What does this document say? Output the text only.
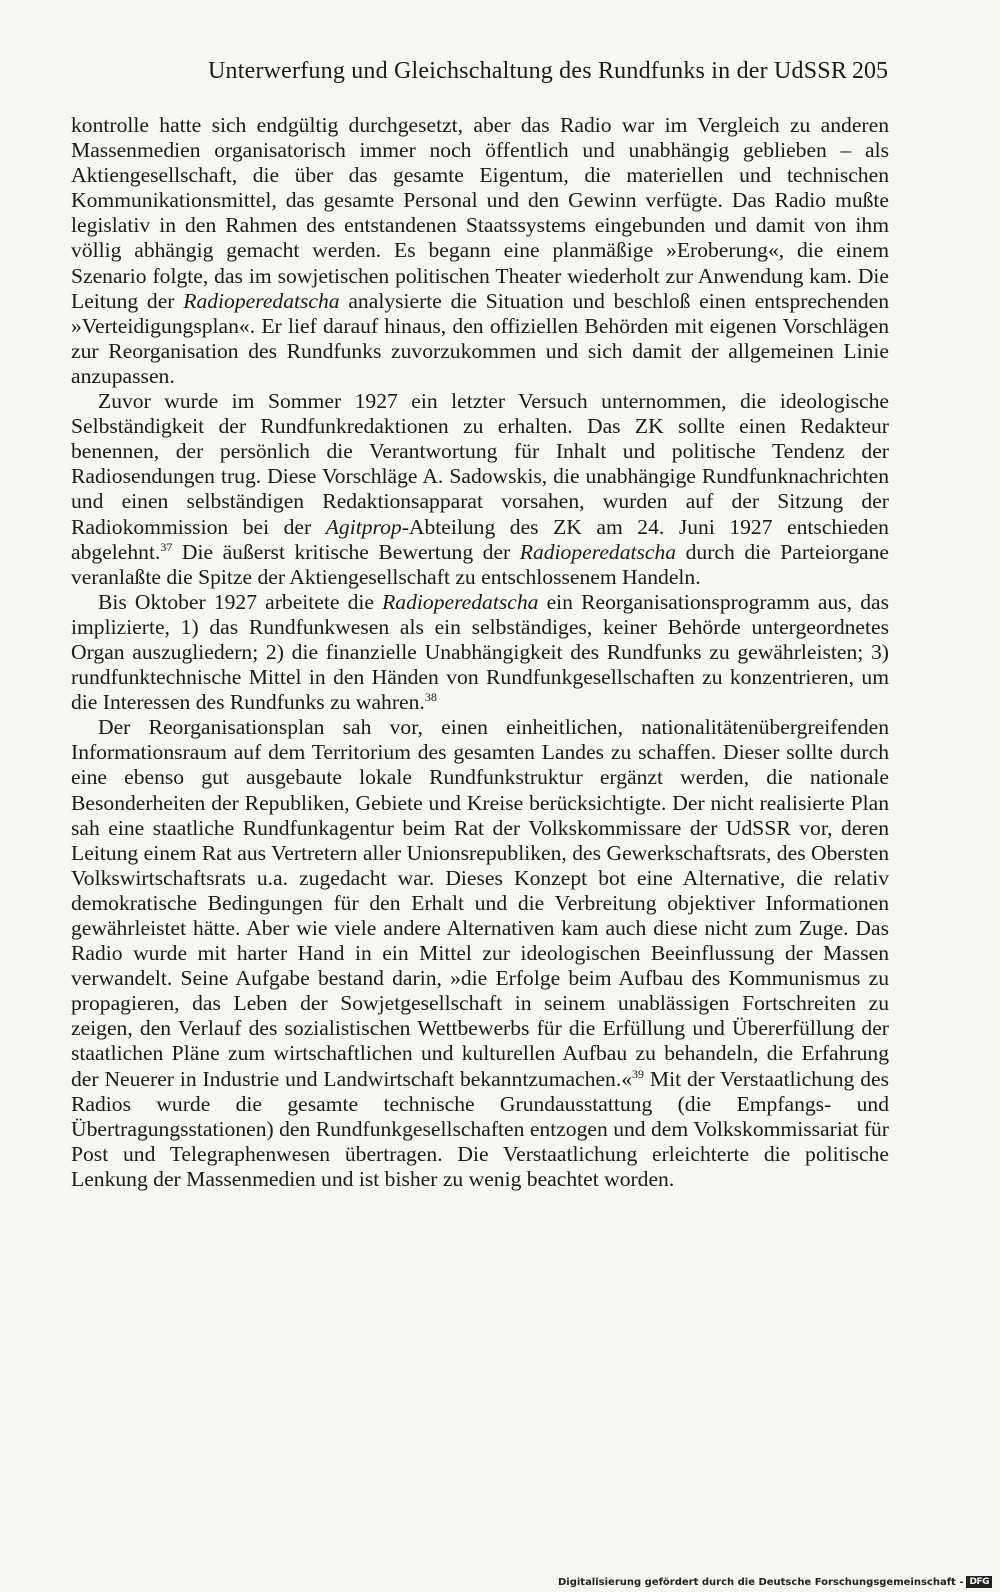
Unterwerfung und Gleichschaltung des Rundfunks in der UdSSR 205

kontrolle hatte sich endgültig durchgesetzt, aber das Radio war im Vergleich zu anderen Massenmedien organisatorisch immer noch öffentlich und unabhängig geblieben – als Aktiengesellschaft, die über das gesamte Eigentum, die materiellen und technischen Kommunikationsmittel, das gesamte Personal und den Gewinn verfügte. Das Radio mußte legislativ in den Rahmen des entstandenen Staatssystems eingebunden und damit von ihm völlig abhängig gemacht werden. Es begann eine planmäßige »Eroberung«, die einem Szenario folgte, das im sowjetischen politischen Theater wiederholt zur Anwendung kam. Die Leitung der Radioperedatscha analysierte die Situation und beschloß einen entsprechenden »Verteidigungsplan«. Er lief darauf hinaus, den offiziellen Behörden mit eigenen Vorschlägen zur Reorganisation des Rundfunks zuvorzukommen und sich damit der allgemeinen Linie anzupassen.

Zuvor wurde im Sommer 1927 ein letzter Versuch unternommen, die ideologische Selbständigkeit der Rundfunkredaktionen zu erhalten. Das ZK sollte einen Redakteur benennen, der persönlich die Verantwortung für Inhalt und politische Tendenz der Radiosendungen trug. Diese Vorschläge A. Sadowskis, die unabhängige Rundfunknachrichten und einen selbständigen Redaktionsapparat vorsahen, wurden auf der Sitzung der Radiokommission bei der Agitprop-Abteilung des ZK am 24. Juni 1927 entschieden abgelehnt.$^{37}$ Die äußerst kritische Bewertung der Radioperedatscha durch die Parteiorgane veranlaßte die Spitze der Aktiengesellschaft zu entschlossenem Handeln.

Bis Oktober 1927 arbeitete die Radioperedatscha ein Reorganisationsprogramm aus, das implizierte, 1) das Rundfunkwesen als ein selbständiges, keiner Behörde untergeordnetes Organ auszugliedern; 2) die finanzielle Unabhängigkeit des Rundfunks zu gewährleisten; 3) rundfunktechnische Mittel in den Händen von Rundfunkgesellschaften zu konzentrieren, um die Interessen des Rundfunks zu wahren.$^{38}$

Der Reorganisationsplan sah vor, einen einheitlichen, nationalitätenübergreifenden Informationsraum auf dem Territorium des gesamten Landes zu schaffen. Dieser sollte durch eine ebenso gut ausgebaute lokale Rundfunkstruktur ergänzt werden, die nationale Besonderheiten der Republiken, Gebiete und Kreise berücksichtigte. Der nicht realisierte Plan sah eine staatliche Rundfunkagentur beim Rat der Volkskommissare der UdSSR vor, deren Leitung einem Rat aus Vertretern aller Unionsrepubliken, des Gewerkschaftsrats, des Obersten Volkswirtschaftsrats u.a. zugedacht war. Dieses Konzept bot eine Alternative, die relativ demokratische Bedingungen für den Erhalt und die Verbreitung objektiver Informationen gewährleistet hätte. Aber wie viele andere Alternativen kam auch diese nicht zum Zuge. Das Radio wurde mit harter Hand in ein Mittel zur ideologischen Beeinflussung der Massen verwandelt. Seine Aufgabe bestand darin, »die Erfolge beim Aufbau des Kommunismus zu propagieren, das Leben der Sowjetgesellschaft in seinem unablässigen Fortschreiten zu zeigen, den Verlauf des sozialistischen Wettbewerbs für die Erfüllung und Übererfüllung der staatlichen Pläne zum wirtschaftlichen und kulturellen Aufbau zu behandeln, die Erfahrung der Neuerer in Industrie und Landwirtschaft bekanntzumachen.«$^{39}$ Mit der Verstaatlichung des Radios wurde die gesamte technische Grundausstattung (die Empfangs- und Übertragungsstationen) den Rundfunkgesellschaften entzogen und dem Volkskommissariat für Post und Telegraphenwesen übertragen. Die Verstaatlichung erleichterte die politische Lenkung der Massenmedien und ist bisher zu wenig beachtet worden.

Digitalisierung gefördert durch die Deutsche Forschungsgemeinschaft - DFG
